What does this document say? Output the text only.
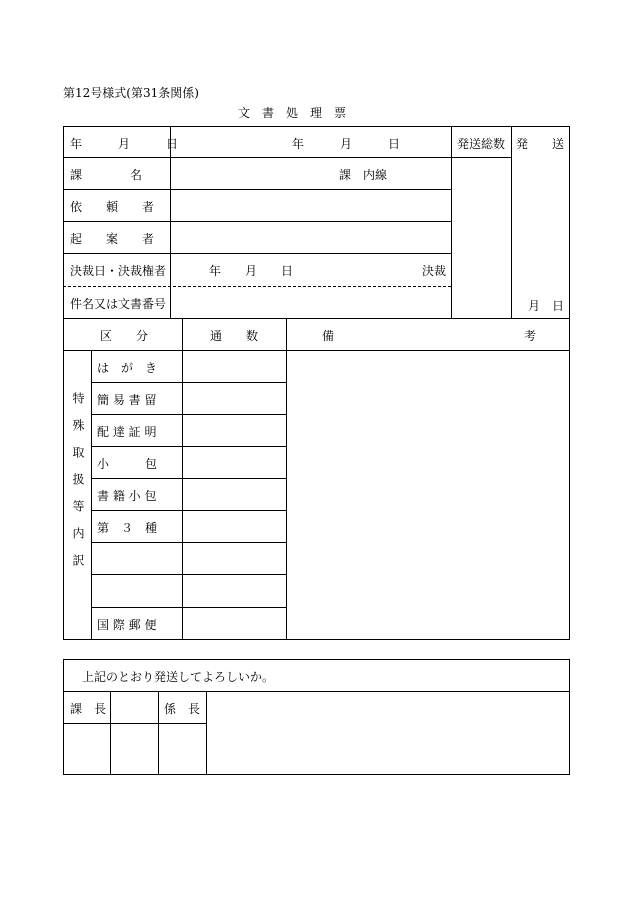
第12号様式(第31条関係)
文　書　処　理　票
年　　　月　　　日	年　　　月　　　日	発送総数 発　　送
課　　　　名	課　内線
依　　頼　　者
起　　案　　者
決裁日・決裁権者	年　　月　　日	決裁
件名又は文書番号	月　日
区　　分	通　　数	備	考
特殊取扱等内訳
は　が　き
簡 易 書 留
配 達 証 明
小　　　包
書 籍 小 包
第　３　種
国 際 郵 便
上記のとおり発送してよろしいか。
課　長	係　長
